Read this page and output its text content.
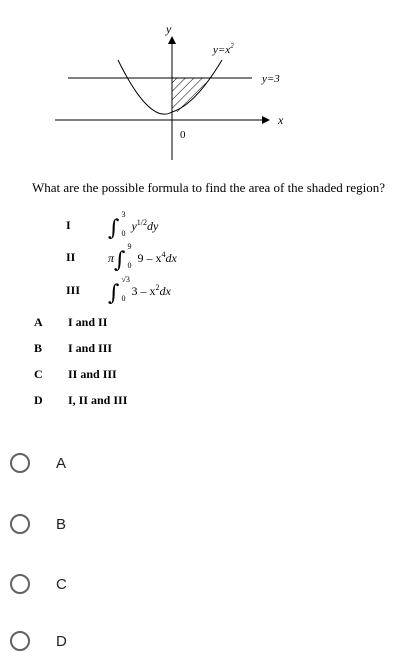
y
x
$y=x^2$
y=3
0
What are the possible formula to find the area of the shaded region?
I ∫
3
0
$y^{1/2}dy$
II	π∫
9
0
$9 - x^4dx$
III ∫
√3
0
$3 - x^2dx$
A I and II
B I and III
C II and III
D I, II and III
A
B
C
D
